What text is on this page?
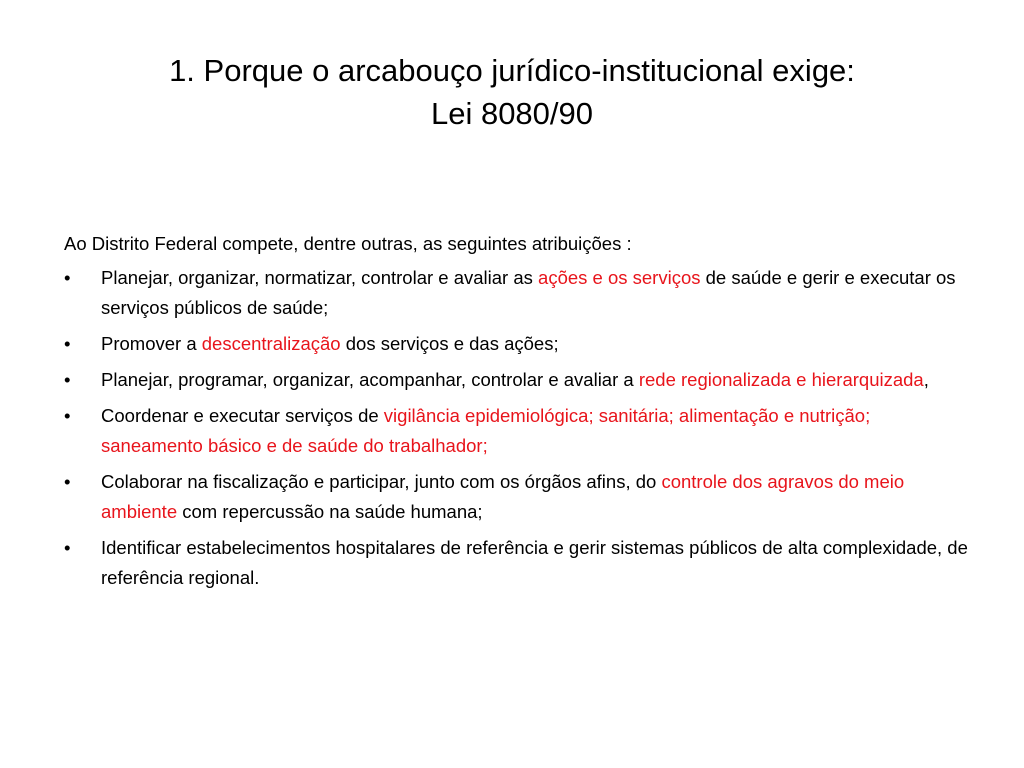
1. Porque o arcabouço jurídico-institucional exige:
Lei 8080/90
Ao Distrito Federal compete, dentre outras, as seguintes atribuições :
•	Planejar, organizar, normatizar, controlar e avaliar as ações e os serviços de saúde e gerir e executar os serviços públicos de saúde;
•	Promover a descentralização dos serviços e das ações;
•	Planejar, programar, organizar, acompanhar, controlar e avaliar a rede regionalizada e hierarquizada,
•	Coordenar e executar serviços de vigilância epidemiológica; sanitária; alimentação e nutrição; saneamento básico e de saúde do trabalhador;
•	Colaborar na fiscalização e participar, junto com os órgãos afins, do controle dos agravos do meio ambiente com repercussão na saúde humana;
•	Identificar estabelecimentos hospitalares de referência e gerir sistemas públicos de alta complexidade, de referência regional.
